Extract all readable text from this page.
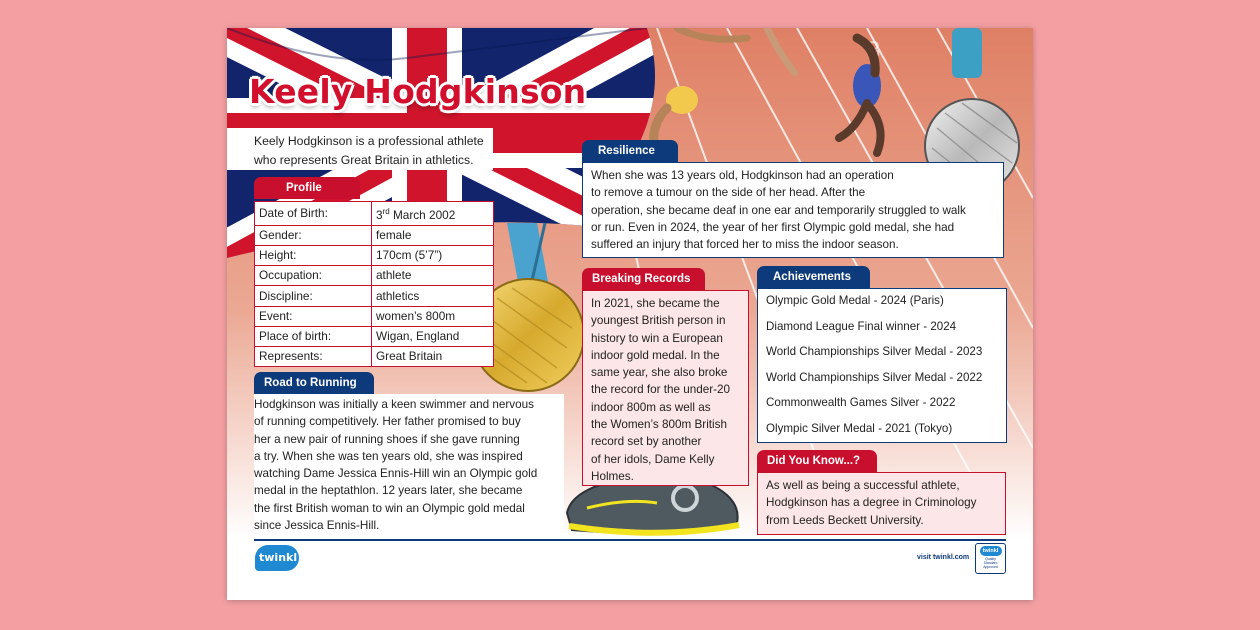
3
Keely Hodgkinson
Keely Hodgkinson is a professional athlete who represents Great Britain in athletics.
Profile
Date of Birth:	3rd March 2002
Gender:	female
Height:	170cm (5’7”)
Occupation:	athlete
Discipline:	athletics
Event:	women’s 800m
Place of birth:	Wigan, England
Represents:	Great Britain
Road to Running
Hodgkinson was initially a keen swimmer and nervous
of running competitively. Her father promised to buy
her a new pair of running shoes if she gave running
a try. When she was ten years old, she was inspired
watching Dame Jessica Ennis-Hill win an Olympic gold
medal in the heptathlon. 12 years later, she became
the first British woman to win an Olympic gold medal
since Jessica Ennis-Hill.
Resilience
When she was 13 years old, Hodgkinson had an operation
to remove a tumour on the side of her head. After the
operation, she became deaf in one ear and temporarily struggled to walk
or run. Even in 2024, the year of her first Olympic gold medal, she had
suffered an injury that forced her to miss the indoor season.
Breaking Records
In 2021, she became the
youngest British person in
history to win a European
indoor gold medal. In the
same year, she also broke
the record for the under-20
indoor 800m as well as
the Women’s 800m British
record set by another
of her idols, Dame Kelly
Holmes.
Achievements
Olympic Gold Medal - 2024 (Paris)
Diamond League Final winner - 2024
World Championships Silver Medal - 2023
World Championships Silver Medal - 2022
Commonwealth Games Silver - 2022
Olympic Silver Medal - 2021 (Tokyo)
Did You Know...?
As well as being a successful athlete,
Hodgkinson has a degree in Criminology
from Leeds Beckett University.
twinkl	visit twinkl.com
twinkl
Quality Standard Approved
